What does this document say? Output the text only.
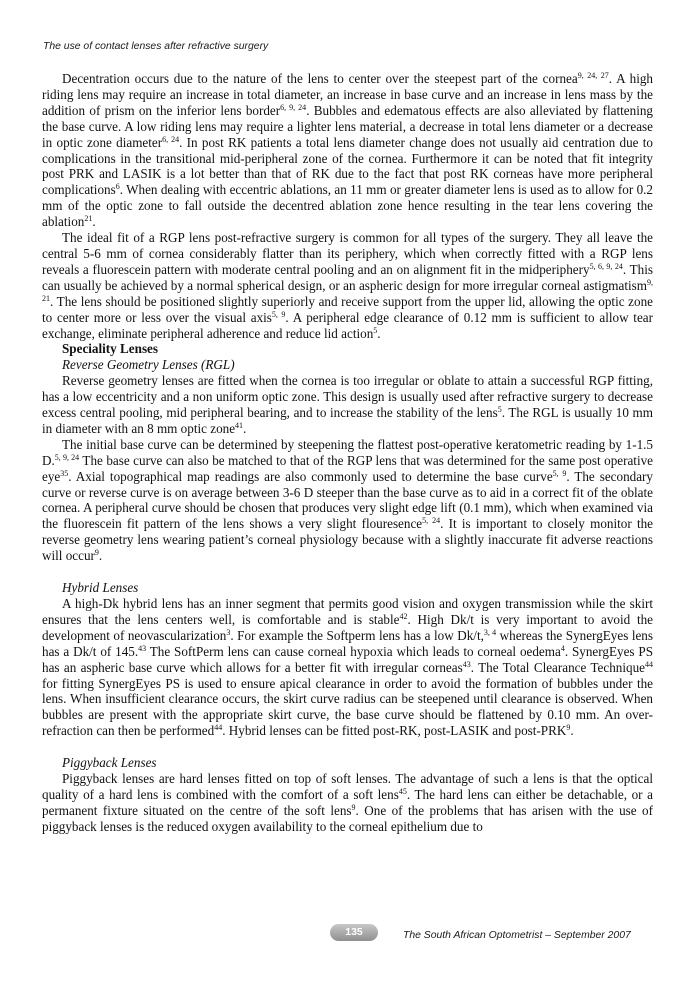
The use of contact lenses after refractive surgery

Decentration occurs due to the nature of the lens to center over the steepest part of the cornea$^{9, 24, 27}$. A high riding lens may require an increase in total diameter, an increase in base curve and an increase in lens mass by the addition of prism on the inferior lens border$^{6, 9, 24}$. Bubbles and edematous effects are also alleviated by flattening the base curve. A low riding lens may require a lighter lens material, a decrease in total lens diameter or a decrease in optic zone diameter$^{6, 24}$. In post RK patients a total lens diameter change does not usually aid centration due to complications in the transitional mid-peripheral zone of the cornea. Furthermore it can be noted that fit integrity post PRK and LASIK is a lot better than that of RK due to the fact that post RK corneas have more peripheral complications$^6$. When dealing with eccentric ablations, an 11 mm or greater diameter lens is used as to allow for 0.2 mm of the optic zone to fall outside the decentred ablation zone hence resulting in the tear lens covering the ablation$^{21}$.

The ideal fit of a RGP lens post-refractive surgery is common for all types of the surgery. They all leave the central 5-6 mm of cornea considerably flatter than its periphery, which when correctly fitted with a RGP lens reveals a fluorescein pattern with moderate central pooling and an on alignment fit in the midperiphery$^{5, 6, 9, 24}$. This can usually be achieved by a normal spherical design, or an aspheric design for more irregular corneal astigmatism$^{9, 21}$. The lens should be positioned slightly superiorly and receive support from the upper lid, allowing the optic zone to center more or less over the visual axis$^{5, 9}$. A peripheral edge clearance of 0.12 mm is sufficient to allow tear exchange, eliminate peripheral adherence and reduce lid action$^5$.

Speciality Lenses

Reverse Geometry Lenses (RGL)

Reverse geometry lenses are fitted when the cornea is too irregular or oblate to attain a successful RGP fitting, has a low eccentricity and a non uniform optic zone. This design is usually used after refractive surgery to decrease excess central pooling, mid peripheral bearing, and to increase the stability of the lens$^5$. The RGL is usually 10 mm in diameter with an 8 mm optic zone$^{41}$.

The initial base curve can be determined by steepening the flattest post-operative keratometric reading by 1-1.5 D.$^{5, 9, 24}$ The base curve can also be matched to that of the RGP lens that was determined for the same post operative eye$^{35}$. Axial topographical map readings are also commonly used to determine the base curve$^{5, 9}$. The secondary curve or reverse curve is on average between 3-6 D steeper than the base curve as to aid in a correct fit of the oblate cornea. A peripheral curve should be chosen that produces very slight edge lift (0.1 mm), which when examined via the fluorescein fit pattern of the lens shows a very slight flouresence$^{5, 24}$. It is important to closely monitor the reverse geometry lens wearing patient’s corneal physiology because with a slightly inaccurate fit adverse reactions will occur$^9$.

Hybrid Lenses

A high-Dk hybrid lens has an inner segment that permits good vision and oxygen transmission while the skirt ensures that the lens centers well, is comfortable and is stable$^{42}$. High Dk/t is very important to avoid the development of neovascularization$^3$. For example the Softperm lens has a low Dk/t,$^{3, 4}$ whereas the SynergEyes lens has a Dk/t of 145.43 The SoftPerm lens can cause corneal hypoxia which leads to corneal oedema$^4$. SynergEyes PS has an aspheric base curve which allows for a better fit with irregular corneas$^{43}$. The Total Clearance Technique$^{44}$ for fitting SynergEyes PS is used to ensure apical clearance in order to avoid the formation of bubbles under the lens. When insufficient clearance occurs, the skirt curve radius can be steepened until clearance is observed. When bubbles are present with the appropriate skirt curve, the base curve should be flattened by 0.10 mm. An over-refraction can then be performed$^{44}$. Hybrid lenses can be fitted post-RK, post-LASIK and post-PRK$^9$.

Piggyback Lenses

Piggyback lenses are hard lenses fitted on top of soft lenses. The advantage of such a lens is that the optical quality of a hard lens is combined with the comfort of a soft lens$^{45}$. The hard lens can either be detachable, or a permanent fixture situated on the centre of the soft lens$^9$. One of the problems that has arisen with the use of piggyback lenses is the reduced oxygen availability to the corneal epithelium due to

135	The South African Optometrist – September 2007
